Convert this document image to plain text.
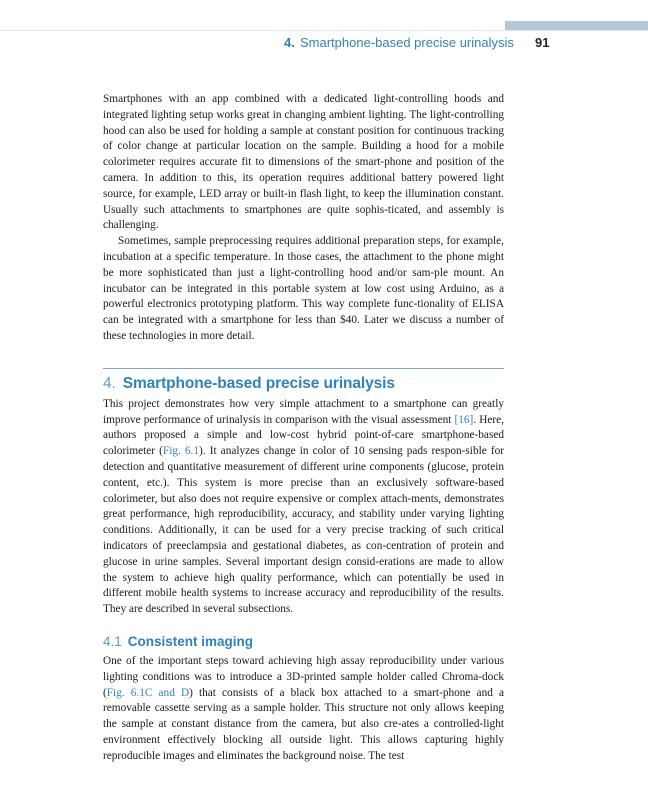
4. Smartphone-based precise urinalysis 91

Smartphones with an app combined with a dedicated light-controlling hoods and integrated lighting setup works great in changing ambient lighting. The light-controlling hood can also be used for holding a sample at constant position for continuous tracking of color change at particular location on the sample. Building a hood for a mobile colorimeter requires accurate fit to dimensions of the smart-phone and position of the camera. In addition to this, its operation requires additional battery powered light source, for example, LED array or built-in flash light, to keep the illumination constant. Usually such attachments to smartphones are quite sophis-ticated, and assembly is challenging.

Sometimes, sample preprocessing requires additional preparation steps, for example, incubation at a specific temperature. In those cases, the attachment to the phone might be more sophisticated than just a light-controlling hood and/or sam-ple mount. An incubator can be integrated in this portable system at low cost using Arduino, as a powerful electronics prototyping platform. This way complete func-tionality of ELISA can be integrated with a smartphone for less than $40. Later we discuss a number of these technologies in more detail.

4. Smartphone-based precise urinalysis

This project demonstrates how very simple attachment to a smartphone can greatly improve performance of urinalysis in comparison with the visual assessment [16]. Here, authors proposed a simple and low-cost hybrid point-of-care smartphone-based colorimeter (Fig. 6.1). It analyzes change in color of 10 sensing pads respon-sible for detection and quantitative measurement of different urine components (glucose, protein content, etc.). This system is more precise than an exclusively software-based colorimeter, but also does not require expensive or complex attach-ments, demonstrates great performance, high reproducibility, accuracy, and stability under varying lighting conditions. Additionally, it can be used for a very precise tracking of such critical indicators of preeclampsia and gestational diabetes, as con-centration of protein and glucose in urine samples. Several important design consid-erations are made to allow the system to achieve high quality performance, which can potentially be used in different mobile health systems to increase accuracy and reproducibility of the results. They are described in several subsections.

4.1 Consistent imaging

One of the important steps toward achieving high assay reproducibility under various lighting conditions was to introduce a 3D-printed sample holder called Chroma-dock (Fig. 6.1C and D) that consists of a black box attached to a smart-phone and a removable cassette serving as a sample holder. This structure not only allows keeping the sample at constant distance from the camera, but also cre-ates a controlled-light environment effectively blocking all outside light. This allows capturing highly reproducible images and eliminates the background noise. The test
